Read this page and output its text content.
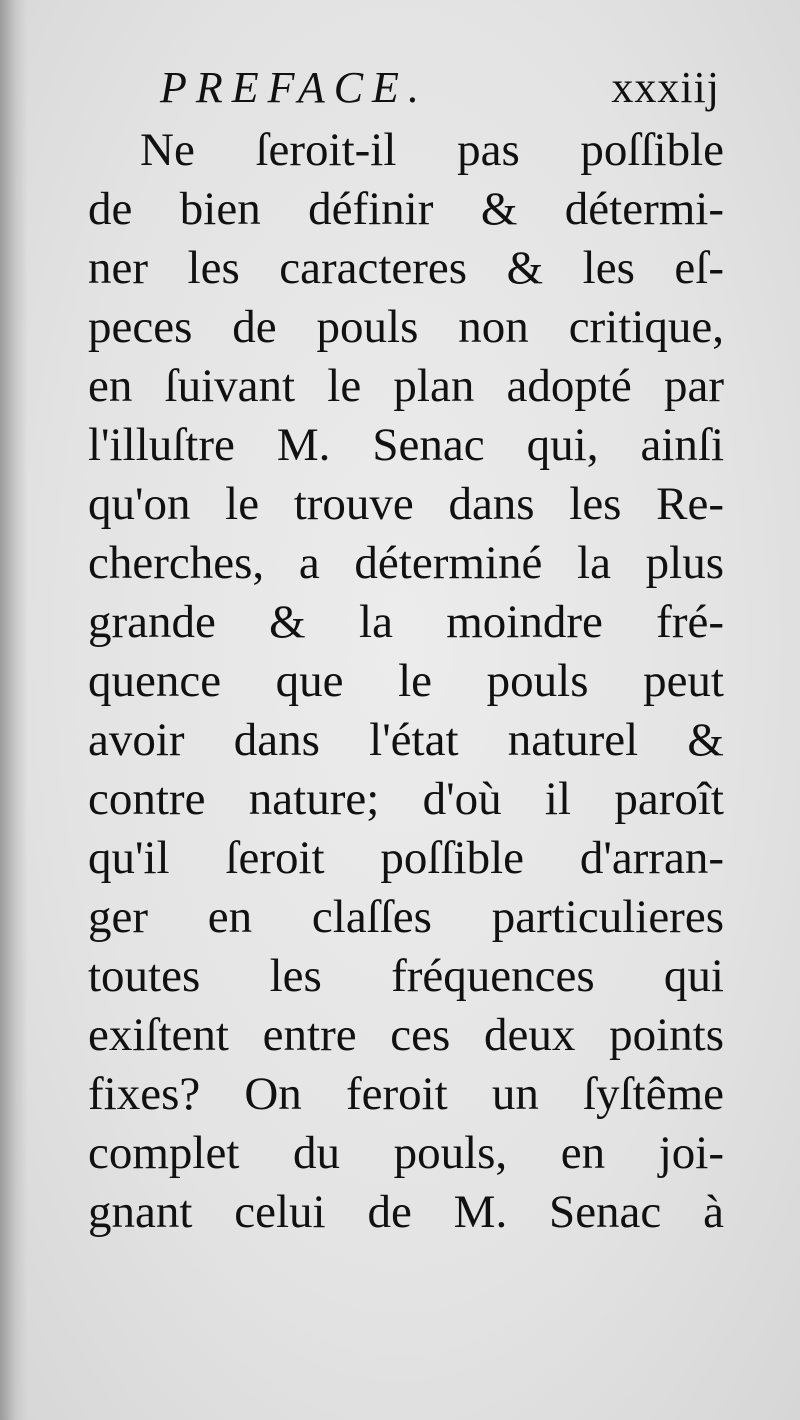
PREFACE.	xxxiij
Ne ſeroit-il pas poſſible
de bien définir & détermi-
ner les caracteres & les eſ-
peces de pouls non critique,
en ſuivant le plan adopté par
l'illuſtre M. Senac qui, ainſi
qu'on le trouve dans les Re-
cherches, a déterminé la plus
grande & la moindre fré-
quence que le pouls peut
avoir dans l'état naturel &
contre nature; d'où il paroît
qu'il ſeroit poſſible d'arran-
ger en claſſes particulieres
toutes les fréquences qui
exiſtent entre ces deux points
fixes? On feroit un ſyſtême
complet du pouls, en joi-
gnant celui de M. Senac à
